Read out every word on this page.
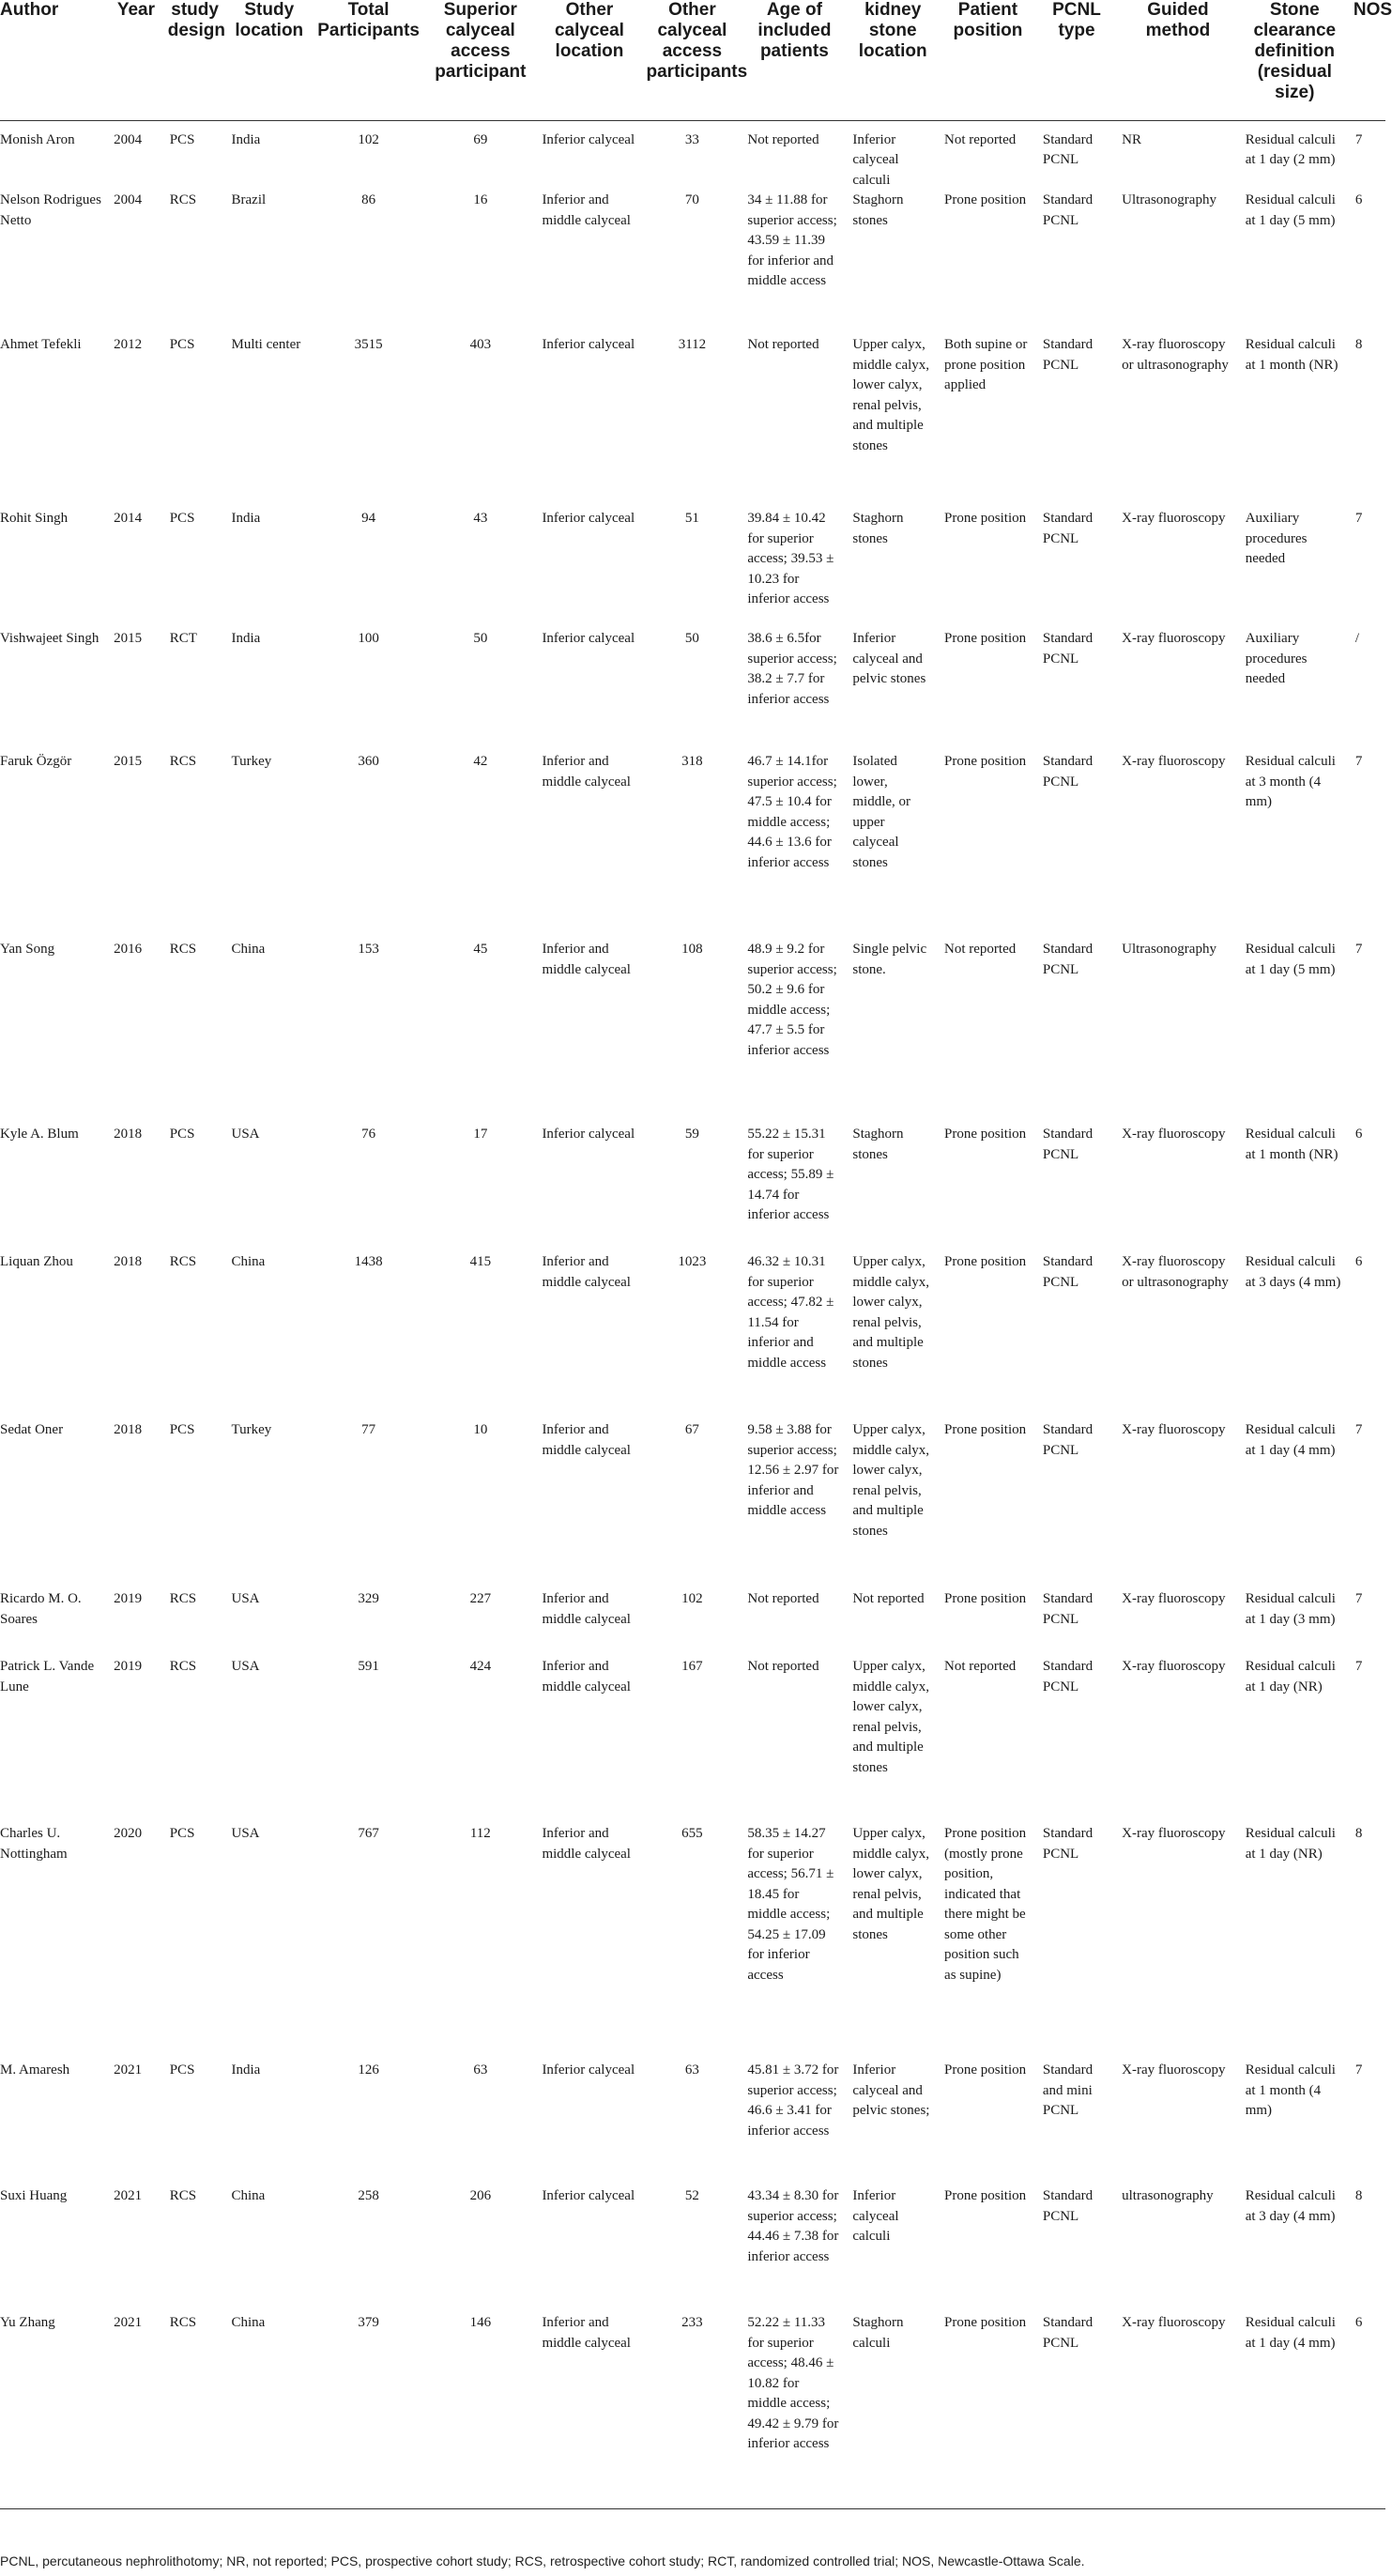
Author	Year	study design	Study location	Total Participants	Superior calyceal access participant	Other calyceal location	Other calyceal access participants	Age of included patients	kidney stone location	Patient position	PCNL type	Guided method	Stone clearance definition (residual size)	NOS
Monish Aron	2004	PCS	India	102	69	Inferior calyceal	33	Not reported	Inferior calyceal calculi	Not reported	Standard PCNL	NR	Residual calculi at 1 day (2 mm)	7
Nelson Rodrigues Netto	2004	RCS	Brazil	86	16	Inferior and middle calyceal	70	34 ± 11.88 for superior access; 43.59 ± 11.39 for inferior and middle access	Staghorn stones	Prone position	Standard PCNL	Ultrasonography	Residual calculi at 1 day (5 mm)	6
Ahmet Tefekli	2012	PCS	Multi center	3515	403	Inferior calyceal	3112	Not reported	Upper calyx, middle calyx, lower calyx, renal pelvis, and multiple stones	Both supine or prone position applied	Standard PCNL	X-ray fluoroscopy or ultrasonography	Residual calculi at 1 month (NR)	8
Rohit Singh	2014	PCS	India	94	43	Inferior calyceal	51	39.84 ± 10.42 for superior access; 39.53 ± 10.23 for inferior access	Staghorn stones	Prone position	Standard PCNL	X-ray fluoroscopy	Auxiliary procedures needed	7
Vishwajeet Singh	2015	RCT	India	100	50	Inferior calyceal	50	38.6 ± 6.5for superior access; 38.2 ± 7.7 for inferior access	Inferior calyceal and pelvic stones	Prone position	Standard PCNL	X-ray fluoroscopy	Auxiliary procedures needed	/
Faruk Özgör	2015	RCS	Turkey	360	42	Inferior and middle calyceal	318	46.7 ± 14.1for superior access; 47.5 ± 10.4 for middle access; 44.6 ± 13.6 for inferior access	Isolated lower, middle, or upper calyceal stones	Prone position	Standard PCNL	X-ray fluoroscopy	Residual calculi at 3 month (4 mm)	7
Yan Song	2016	RCS	China	153	45	Inferior and middle calyceal	108	48.9 ± 9.2 for superior access; 50.2 ± 9.6 for middle access; 47.7 ± 5.5 for inferior access	Single pelvic stone.	Not reported	Standard PCNL	Ultrasonography	Residual calculi at 1 day (5 mm)	7
Kyle A. Blum	2018	PCS	USA	76	17	Inferior calyceal	59	55.22 ± 15.31 for superior access; 55.89 ± 14.74 for inferior access	Staghorn stones	Prone position	Standard PCNL	X-ray fluoroscopy	Residual calculi at 1 month (NR)	6
Liquan Zhou	2018	RCS	China	1438	415	Inferior and middle calyceal	1023	46.32 ± 10.31 for superior access; 47.82 ± 11.54 for inferior and middle access	Upper calyx, middle calyx, lower calyx, renal pelvis, and multiple stones	Prone position	Standard PCNL	X-ray fluoroscopy or ultrasonography	Residual calculi at 3 days (4 mm)	6
Sedat Oner	2018	PCS	Turkey	77	10	Inferior and middle calyceal	67	9.58 ± 3.88 for superior access; 12.56 ± 2.97 for inferior and middle access	Upper calyx, middle calyx, lower calyx, renal pelvis, and multiple stones	Prone position	Standard PCNL	X-ray fluoroscopy	Residual calculi at 1 day (4 mm)	7
Ricardo M. O. Soares	2019	RCS	USA	329	227	Inferior and middle calyceal	102	Not reported	Not reported	Prone position	Standard PCNL	X-ray fluoroscopy	Residual calculi at 1 day (3 mm)	7
Patrick L. Vande Lune	2019	RCS	USA	591	424	Inferior and middle calyceal	167	Not reported	Upper calyx, middle calyx, lower calyx, renal pelvis, and multiple stones	Not reported	Standard PCNL	X-ray fluoroscopy	Residual calculi at 1 day (NR)	7
Charles U. Nottingham	2020	PCS	USA	767	112	Inferior and middle calyceal	655	58.35 ± 14.27 for superior access; 56.71 ± 18.45 for middle access; 54.25 ± 17.09 for inferior access	Upper calyx, middle calyx, lower calyx, renal pelvis, and multiple stones	Prone position (mostly prone position, indicated that there might be some other position such as supine)	Standard PCNL	X-ray fluoroscopy	Residual calculi at 1 day (NR)	8
M. Amaresh	2021	PCS	India	126	63	Inferior calyceal	63	45.81 ± 3.72 for superior access; 46.6 ± 3.41 for inferior access	Inferior calyceal and pelvic stones;	Prone position	Standard and mini PCNL	X-ray fluoroscopy	Residual calculi at 1 month (4 mm)	7
Suxi Huang	2021	RCS	China	258	206	Inferior calyceal	52	43.34 ± 8.30 for superior access; 44.46 ± 7.38 for inferior access	Inferior calyceal calculi	Prone position	Standard PCNL	ultrasonography	Residual calculi at 3 day (4 mm)	8
Yu Zhang	2021	RCS	China	379	146	Inferior and middle calyceal	233	52.22 ± 11.33 for superior access; 48.46 ± 10.82 for middle access; 49.42 ± 9.79 for inferior access	Staghorn calculi	Prone position	Standard PCNL	X-ray fluoroscopy	Residual calculi at 1 day (4 mm)	6
PCNL, percutaneous nephrolithotomy; NR, not reported; PCS, prospective cohort study; RCS, retrospective cohort study; RCT, randomized controlled trial; NOS, Newcastle-Ottawa Scale.
